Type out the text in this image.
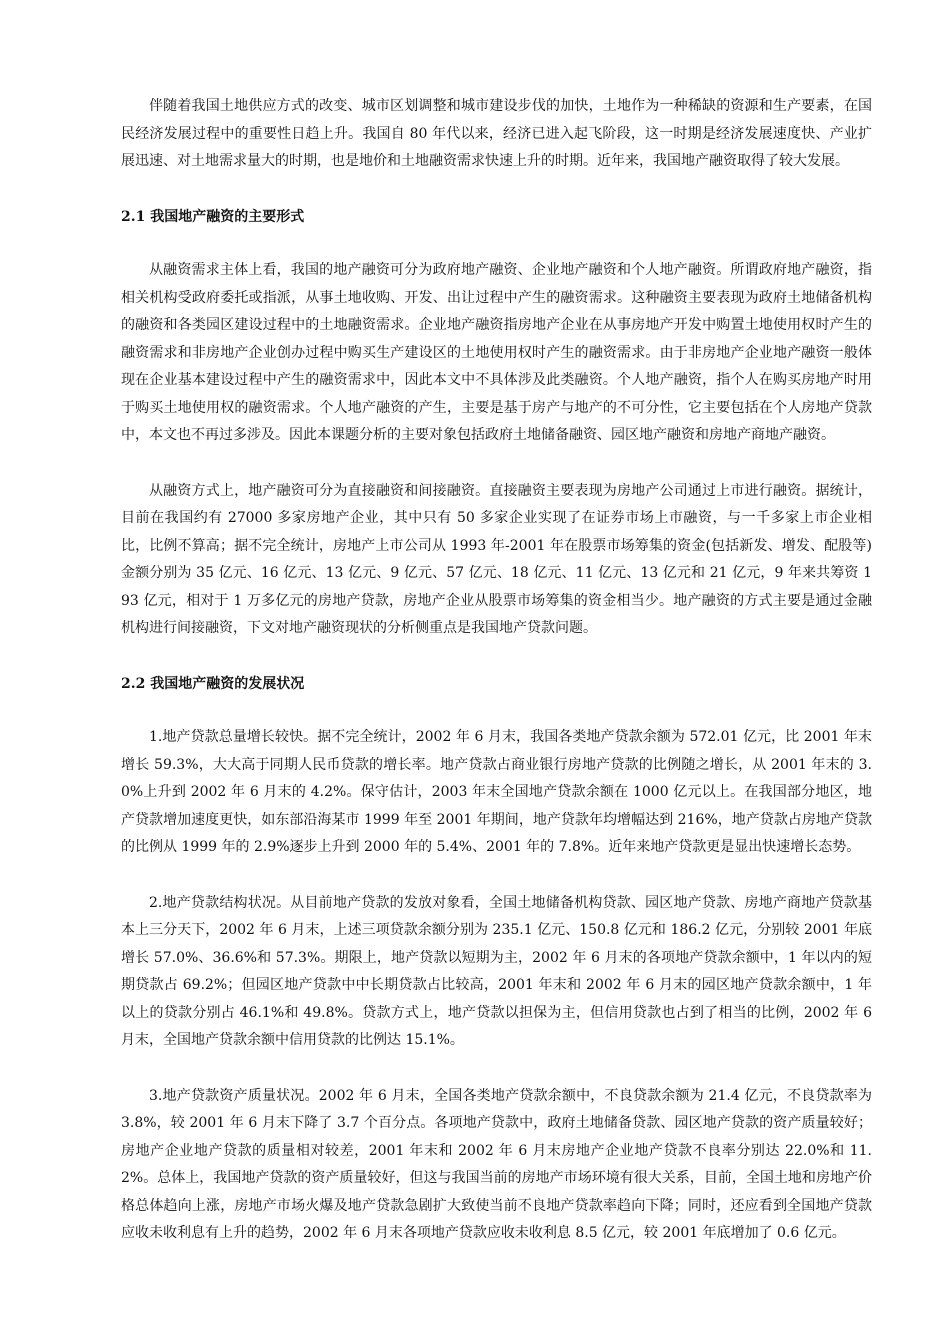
伴随着我国土地供应方式的改变、城市区划调整和城市建设步伐的加快，土地作为一种稀缺的资源和生产要素，在国民经济发展过程中的重要性日趋上升。我国自 80 年代以来，经济已进入起飞阶段，这一时期是经济发展速度快、产业扩展迅速、对土地需求量大的时期，也是地价和土地融资需求快速上升的时期。近年来，我国地产融资取得了较大发展。

2.1 我国地产融资的主要形式

从融资需求主体上看，我国的地产融资可分为政府地产融资、企业地产融资和个人地产融资。所谓政府地产融资，指相关机构受政府委托或指派，从事土地收购、开发、出让过程中产生的融资需求。这种融资主要表现为政府土地储备机构的融资和各类园区建设过程中的土地融资需求。企业地产融资指房地产企业在从事房地产开发中购置土地使用权时产生的融资需求和非房地产企业创办过程中购买生产建设区的土地使用权时产生的融资需求。由于非房地产企业地产融资一般体现在企业基本建设过程中产生的融资需求中，因此本文中不具体涉及此类融资。个人地产融资，指个人在购买房地产时用于购买土地使用权的融资需求。个人地产融资的产生，主要是基于房产与地产的不可分性，它主要包括在个人房地产贷款中，本文也不再过多涉及。因此本课题分析的主要对象包括政府土地储备融资、园区地产融资和房地产商地产融资。

从融资方式上，地产融资可分为直接融资和间接融资。直接融资主要表现为房地产公司通过上市进行融资。据统计，目前在我国约有 27000 多家房地产企业，其中只有 50 多家企业实现了在证券市场上市融资，与一千多家上市企业相比，比例不算高；据不完全统计，房地产上市公司从 1993 年-2001 年在股票市场筹集的资金(包括新发、增发、配股等)金额分别为 35 亿元、16 亿元、13 亿元、9 亿元、57 亿元、18 亿元、11 亿元、13 亿元和 21 亿元，9 年来共筹资 193 亿元，相对于 1 万多亿元的房地产贷款，房地产企业从股票市场筹集的资金相当少。地产融资的方式主要是通过金融机构进行间接融资，下文对地产融资现状的分析侧重点是我国地产贷款问题。

2.2 我国地产融资的发展状况

1.地产贷款总量增长较快。据不完全统计，2002 年 6 月末，我国各类地产贷款余额为 572.01 亿元，比 2001 年末增长 59.3%，大大高于同期人民币贷款的增长率。地产贷款占商业银行房地产贷款的比例随之增长，从 2001 年末的 3.0%上升到 2002 年 6 月末的 4.2%。保守估计，2003 年末全国地产贷款余额在 1000 亿元以上。在我国部分地区，地产贷款增加速度更快，如东部沿海某市 1999 年至 2001 年期间，地产贷款年均增幅达到 216%，地产贷款占房地产贷款的比例从 1999 年的 2.9%逐步上升到 2000 年的 5.4%、2001 年的 7.8%。近年来地产贷款更是显出快速增长态势。

2.地产贷款结构状况。从目前地产贷款的发放对象看，全国土地储备机构贷款、园区地产贷款、房地产商地产贷款基本上三分天下，2002 年 6 月末，上述三项贷款余额分别为 235.1 亿元、150.8 亿元和 186.2 亿元，分别较 2001 年底增长 57.0%、36.6%和 57.3%。期限上，地产贷款以短期为主，2002 年 6 月末的各项地产贷款余额中，1 年以内的短期贷款占 69.2%；但园区地产贷款中中长期贷款占比较高，2001 年末和 2002 年 6 月末的园区地产贷款余额中，1 年以上的贷款分别占 46.1%和 49.8%。贷款方式上，地产贷款以担保为主，但信用贷款也占到了相当的比例，2002 年 6 月末，全国地产贷款余额中信用贷款的比例达 15.1%。

3.地产贷款资产质量状况。2002 年 6 月末，全国各类地产贷款余额中，不良贷款余额为 21.4 亿元，不良贷款率为 3.8%，较 2001 年 6 月末下降了 3.7 个百分点。各项地产贷款中，政府土地储备贷款、园区地产贷款的资产质量较好；房地产企业地产贷款的质量相对较差，2001 年末和 2002 年 6 月末房地产企业地产贷款不良率分别达 22.0%和 11.2%。总体上，我国地产贷款的资产质量较好，但这与我国当前的房地产市场环境有很大关系，目前，全国土地和房地产价格总体趋向上涨，房地产市场火爆及地产贷款急剧扩大致使当前不良地产贷款率趋向下降；同时，还应看到全国地产贷款应收未收利息有上升的趋势，2002 年 6 月末各项地产贷款应收未收利息 8.5 亿元，较 2001 年底增加了 0.6 亿元。
